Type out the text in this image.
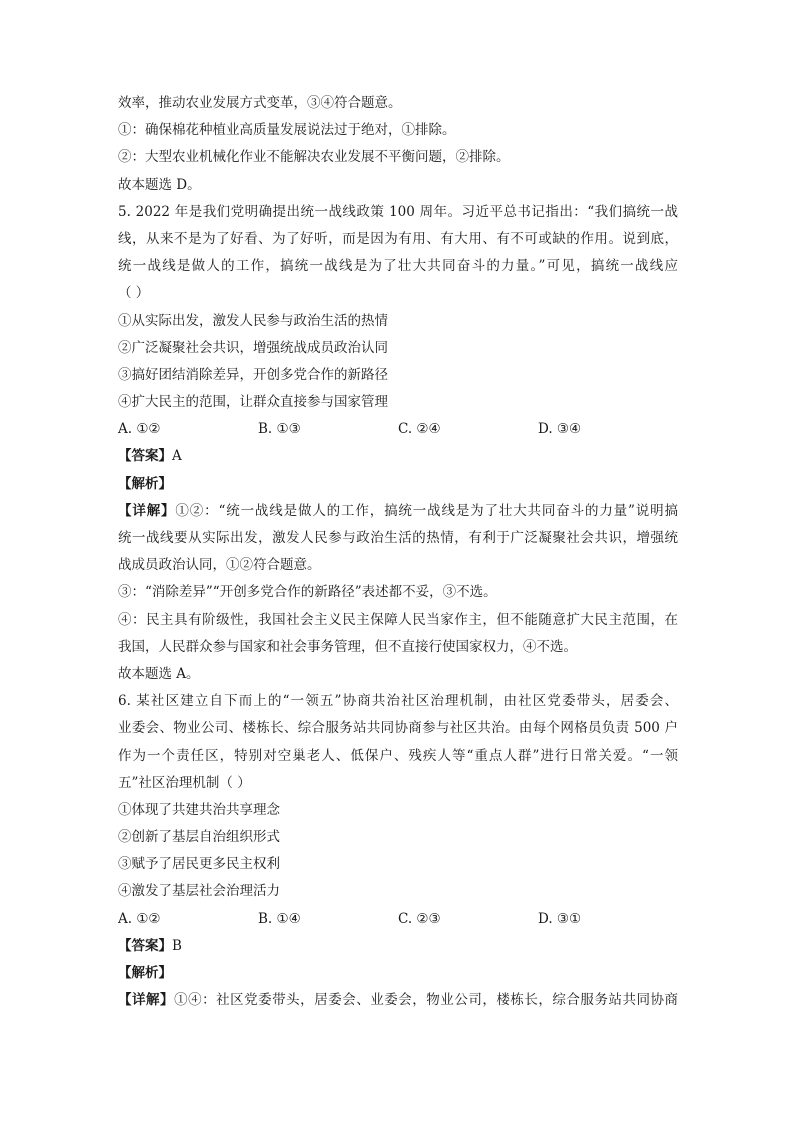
效率，推动农业发展方式变革，③④符合题意。
①：确保棉花种植业高质量发展说法过于绝对，①排除。
②：大型农业机械化作业不能解决农业发展不平衡问题，②排除。
故本题选 D。
5. 2022 年是我们党明确提出统一战线政策 100 周年。习近平总书记指出：“我们搞统一战
线，从来不是为了好看、为了好听，而是因为有用、有大用、有不可或缺的作用。说到底，
统一战线是做人的工作，搞统一战线是为了壮大共同奋斗的力量。”可见，搞统一战线应
（ ）
①从实际出发，激发人民参与政治生活的热情
②广泛凝聚社会共识，增强统战成员政治认同
③搞好团结消除差异，开创多党合作的新路径
④扩大民主的范围，让群众直接参与国家管理
A. ①②	B. ①③	C. ②④	D. ③④
【答案】A
【解析】
【详解】①②：“统一战线是做人的工作，搞统一战线是为了壮大共同奋斗的力量”说明搞
统一战线要从实际出发，激发人民参与政治生活的热情，有利于广泛凝聚社会共识，增强统
战成员政治认同，①②符合题意。
③：“消除差异”“开创多党合作的新路径”表述都不妥，③不选。
④：民主具有阶级性，我国社会主义民主保障人民当家作主，但不能随意扩大民主范围，在
我国，人民群众参与国家和社会事务管理，但不直接行使国家权力，④不选。
故本题选 A。
6. 某社区建立自下而上的“一领五”协商共治社区治理机制，由社区党委带头，居委会、
业委会、物业公司、楼栋长、综合服务站共同协商参与社区共治。由每个网格员负责 500 户
作为一个责任区，特别对空巢老人、低保户、残疾人等“重点人群”进行日常关爱。“一领
五”社区治理机制（ ）
①体现了共建共治共享理念
②创新了基层自治组织形式
③赋予了居民更多民主权利
④激发了基层社会治理活力
A. ①②	B. ①④	C. ②③	D. ③①
【答案】B
【解析】
【详解】①④：社区党委带头，居委会、业委会，物业公司，楼栋长，综合服务站共同协商
